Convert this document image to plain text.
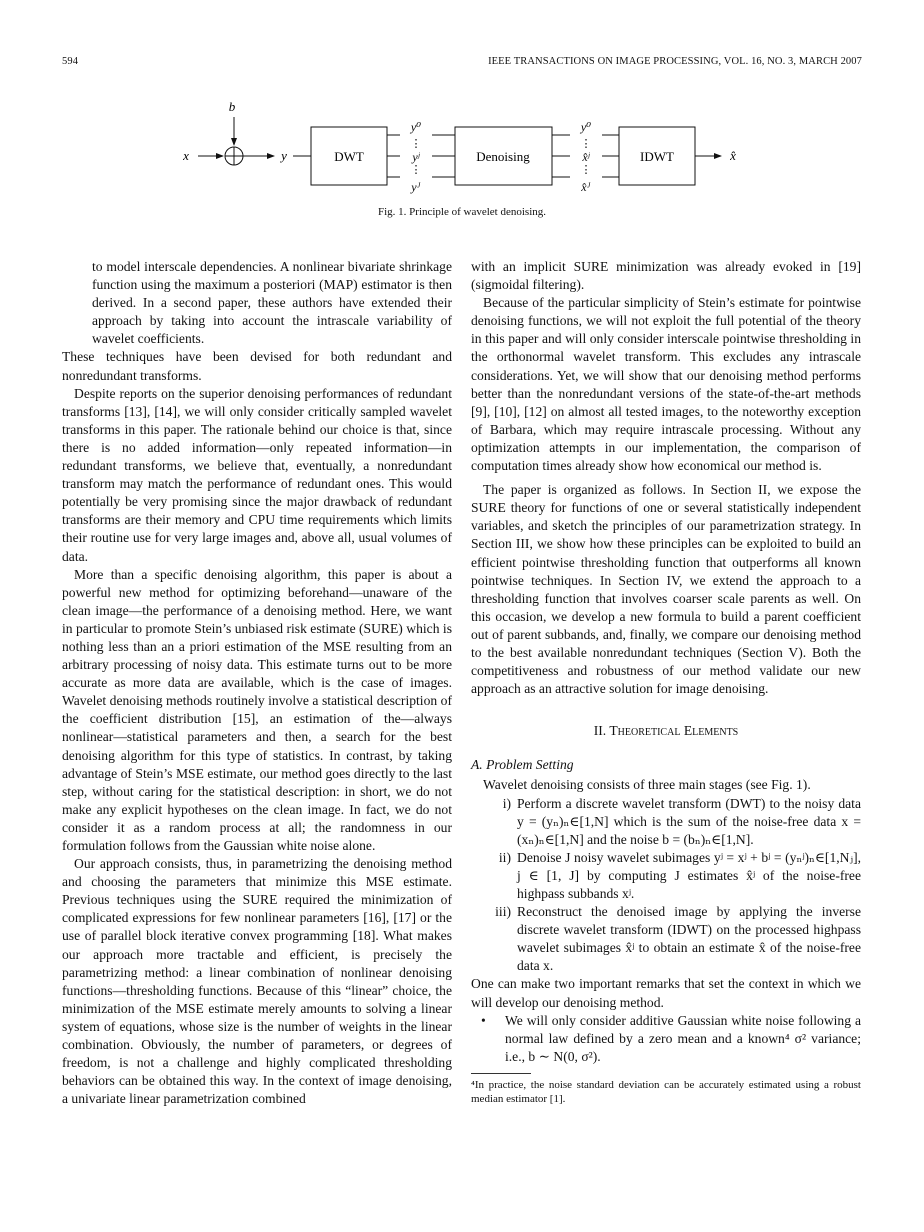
594	IEEE TRANSACTIONS ON IMAGE PROCESSING, VOL. 16, NO. 3, MARCH 2007
b
x	y	DWT
y⁰
⋮
yʲ
⋮
yᴶ
Denoising
y⁰
⋮
x̂ʲ
⋮
x̂ᴶ
IDWT	x̂
Fig. 1. Principle of wavelet denoising.

to model interscale dependencies. A nonlinear bivariate shrinkage function using the maximum a posteriori (MAP) estimator is then derived. In a second paper, these authors have extended their approach by taking into account the intrascale variability of wavelet coefficients.

These techniques have been devised for both redundant and nonredundant transforms.

Despite reports on the superior denoising performances of redundant transforms [13], [14], we will only consider critically sampled wavelet transforms in this paper. The rationale behind our choice is that, since there is no added information—only repeated information—in redundant transforms, we believe that, eventually, a nonredundant transform may match the performance of redundant ones. This would potentially be very promising since the major drawback of redundant transforms are their memory and CPU time requirements which limits their routine use for very large images and, above all, usual volumes of data.

More than a specific denoising algorithm, this paper is about a powerful new method for optimizing beforehand—unaware of the clean image—the performance of a denoising method. Here, we want in particular to promote Stein’s unbiased risk estimate (SURE) which is nothing less than an a priori estimation of the MSE resulting from an arbitrary processing of noisy data. This estimate turns out to be more accurate as more data are available, which is the case of images. Wavelet denoising methods routinely involve a statistical description of the coefficient distribution [15], an estimation of the—always nonlinear—statistical parameters and then, a search for the best denoising algorithm for this type of statistics. In contrast, by taking advantage of Stein’s MSE estimate, our method goes directly to the last step, without caring for the statistical description: in short, we do not make any explicit hypotheses on the clean image. In fact, we do not consider it as a random process at all; the randomness in our formulation follows from the Gaussian white noise alone.

Our approach consists, thus, in parametrizing the denoising method and choosing the parameters that minimize this MSE estimate. Previous techniques using the SURE required the minimization of complicated expressions for few nonlinear parameters [16], [17] or the use of parallel block iterative convex programming [18]. What makes our approach more tractable and efficient, is precisely the parametrizing method: a linear combination of nonlinear denoising functions—thresholding functions. Because of this “linear” choice, the minimization of the MSE estimate merely amounts to solving a linear system of equations, whose size is the number of weights in the linear combination. Obviously, the number of parameters, or degrees of freedom, is not a challenge and highly complicated thresholding behaviors can be obtained this way. In the context of image denoising, a univariate linear parametrization combined

with an implicit SURE minimization was already evoked in [19] (sigmoidal filtering).

Because of the particular simplicity of Stein’s estimate for pointwise denoising functions, we will not exploit the full potential of the theory in this paper and will only consider interscale pointwise thresholding in the orthonormal wavelet transform. This excludes any intrascale considerations. Yet, we will show that our denoising method performs better than the nonredundant versions of the state-of-the-art methods [9], [10], [12] on almost all tested images, to the noteworthy exception of Barbara, which may require intrascale processing. Without any optimization attempts in our implementation, the comparison of computation times already show how economical our method is.

The paper is organized as follows. In Section II, we expose the SURE theory for functions of one or several statistically independent variables, and sketch the principles of our parametrization strategy. In Section III, we show how these principles can be exploited to build an efficient pointwise thresholding function that outperforms all known pointwise techniques. In Section IV, we extend the approach to a thresholding function that involves coarser scale parents as well. On this occasion, we develop a new formula to build a parent coefficient out of parent subbands, and, finally, we compare our denoising method to the best available nonredundant techniques (Section V). Both the competitiveness and robustness of our method validate our new approach as an attractive solution for image denoising.

II. Theoretical Elements
A. Problem Setting

Wavelet denoising consists of three main stages (see Fig. 1).

i) Perform a discrete wavelet transform (DWT) to the noisy data y = (yₙ)ₙ∈[1,N] which is the sum of the noise-free data x = (xₙ)ₙ∈[1,N] and the noise b = (bₙ)ₙ∈[1,N].
ii) Denoise J noisy wavelet subimages yʲ = xʲ + bʲ = (yₙʲ)ₙ∈[1,Nⱼ], j ∈ [1, J] by computing J estimates x̂ʲ of the noise-free highpass subbands xʲ.
iii) Reconstruct the denoised image by applying the inverse discrete wavelet transform (IDWT) on the processed highpass wavelet subimages x̂ʲ to obtain an estimate x̂ of the noise-free data x.

One can make two important remarks that set the context in which we will develop our denoising method.

•	We will only consider additive Gaussian white noise following a normal law defined by a zero mean and a known⁴ σ² variance; i.e., b ∼ N(0, σ²).

⁴In practice, the noise standard deviation can be accurately estimated using a robust median estimator [1].
